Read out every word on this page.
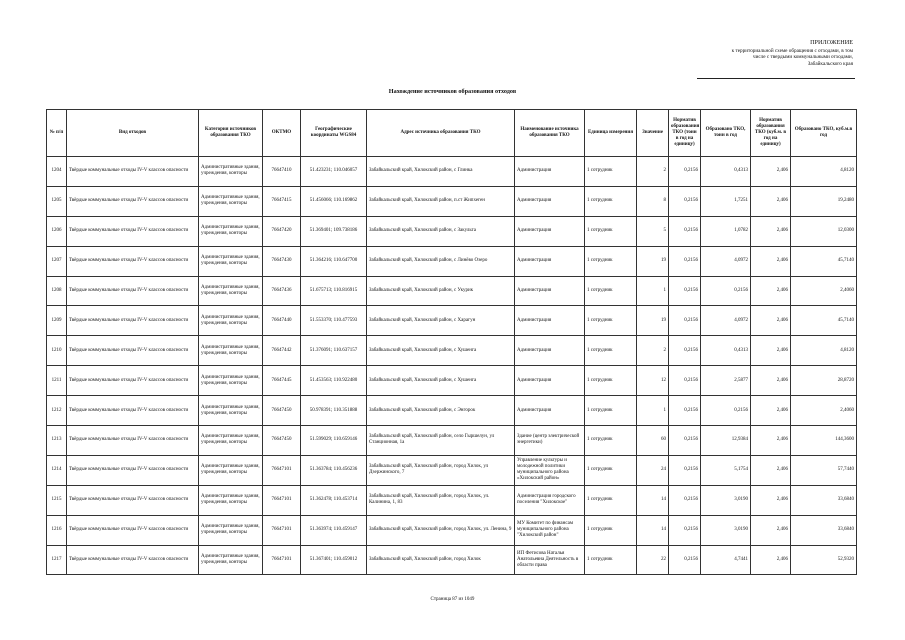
ПРИЛОЖЕНИЕ
к территориальной схеме обращения с отходами, в том
числе с твердыми коммунальными отходами,
Забайкальского края
Нахождение источников образования отходов
№ п/п	Вид отходов	Категория источников образования ТКО	ОКТМО	Географические координаты WGS84	Адрес источника образования ТКО	Наименование источника образования ТКО	Единица измерения	Значение	Норматив образования ТКО (тонн в год на единицу)	Образовано ТКО, тонн в год	Норматив образования ТКО (куб.м. в год на единицу)	Образовано ТКО, куб.м.в год
1204	Твёрдые коммунальные отходы IV-V классов опасности	Административные здания, учреждения, конторы	76647410	51.423231; 110.046057	Забайкальский край, Хилокский район, с Глинка	Администрация	1 сотрудник	2	0,2156	0,4313	2,406	4,8120
1205	Твёрдые коммунальные отходы IV-V классов опасности	Административные здания, учреждения, конторы	76647415	51.456066; 110.169862	Забайкальский край, Хилокский район, п.ст Жипхеген	Администрация	1 сотрудник	8	0,2156	1,7251	2,406	19,2480
1206	Твёрдые коммунальные отходы IV-V классов опасности	Административные здания, учреждения, конторы	76647420	51.369401; 109.738186	Забайкальский край, Хилокский район, с Закульта	Администрация	1 сотрудник	5	0,2156	1,0782	2,406	12,0300
1207	Твёрдые коммунальные отходы IV-V классов опасности	Административные здания, учреждения, конторы	76647430	51.364216; 110.647700	Забайкальский край, Хилокский район, с Линёво Озеро	Администрация	1 сотрудник	19	0,2156	4,0972	2,406	45,7140
1208	Твёрдые коммунальные отходы IV-V классов опасности	Административные здания, учреждения, конторы	76647436	51.675713; 110.816915	Забайкальский край, Хилокский район, с Укурик	Администрация	1 сотрудник	1	0,2156	0,2156	2,406	2,4060
1209	Твёрдые коммунальные отходы IV-V классов опасности	Административные здания, учреждения, конторы	76647440	51.553370; 110.477593	Забайкальский край, Хилокский район, с Харагун	Администрация	1 сотрудник	19	0,2156	4,0972	2,406	45,7140
1210	Твёрдые коммунальные отходы IV-V классов опасности	Административные здания, учреждения, конторы	76647442	51.376091; 110.637157	Забайкальский край, Хилокский район, с Хушенга	Администрация	1 сотрудник	2	0,2156	0,4313	2,406	4,8120
1211	Твёрдые коммунальные отходы IV-V классов опасности	Административные здания, учреждения, конторы	76647445	51.453563; 110.922480	Забайкальский край, Хилокский район, с Хушенга	Администрация	1 сотрудник	12	0,2156	2,5877	2,406	28,8720
1212	Твёрдые коммунальные отходы IV-V классов опасности	Административные здания, учреждения, конторы	76647450	50.978391; 110.351888	Забайкальский край, Хилокский район, с Энгорок	Администрация	1 сотрудник	1	0,2156	0,2156	2,406	2,4060
1213	Твёрдые коммунальные отходы IV-V классов опасности	Административные здания, учреждения, конторы	76647450	51.599029; 110.659146	Забайкальский край, Хилокский район, село Гыршелун, ул Станционная, 1а	Здание (центр электрической энергетики)	1 сотрудник	60	0,2156	12,9384	2,406	144,3600
1214	Твёрдые коммунальные отходы IV-V классов опасности	Административные здания, учреждения, конторы	76647101	51.363784; 110.456236	Забайкальский край, Хилокский район, город Хилок, ул Дзержинского, 7	Управление культуры и молодежной политики муниципального района «Хилокский район»	1 сотрудник	24	0,2156	5,1754	2,406	57,7440
1215	Твёрдые коммунальные отходы IV-V классов опасности	Административные здания, учреждения, конторы	76647101	51.362478; 110.453714	Забайкальский край, Хилокский район, город Хилок, ул. Калинина, 1, 83	Администрация городского поселения "Хилокское"	1 сотрудник	14	0,2156	3,0190	2,406	33,6840
1216	Твёрдые коммунальные отходы IV-V классов опасности	Административные здания, учреждения, конторы	76647101	51.363974; 110.459147	Забайкальский край, Хилокский район, город Хилок, ул. Ленина, 9	МУ Комитет по финансам муниципального района "Хилокский район"	1 сотрудник	14	0,2156	3,0190	2,406	33,6840
1217	Твёрдые коммунальные отходы IV-V классов опасности	Административные здания, учреждения, конторы	76647101	51.367401; 110.459012	Забайкальский край, Хилокский район, город Хилок	ИП Фетисова Наталья Анатольевна Деятельность в области права	1 сотрудник	22	0,2156	4,7441	2,406	52,9320
Страница 87 из 1049
